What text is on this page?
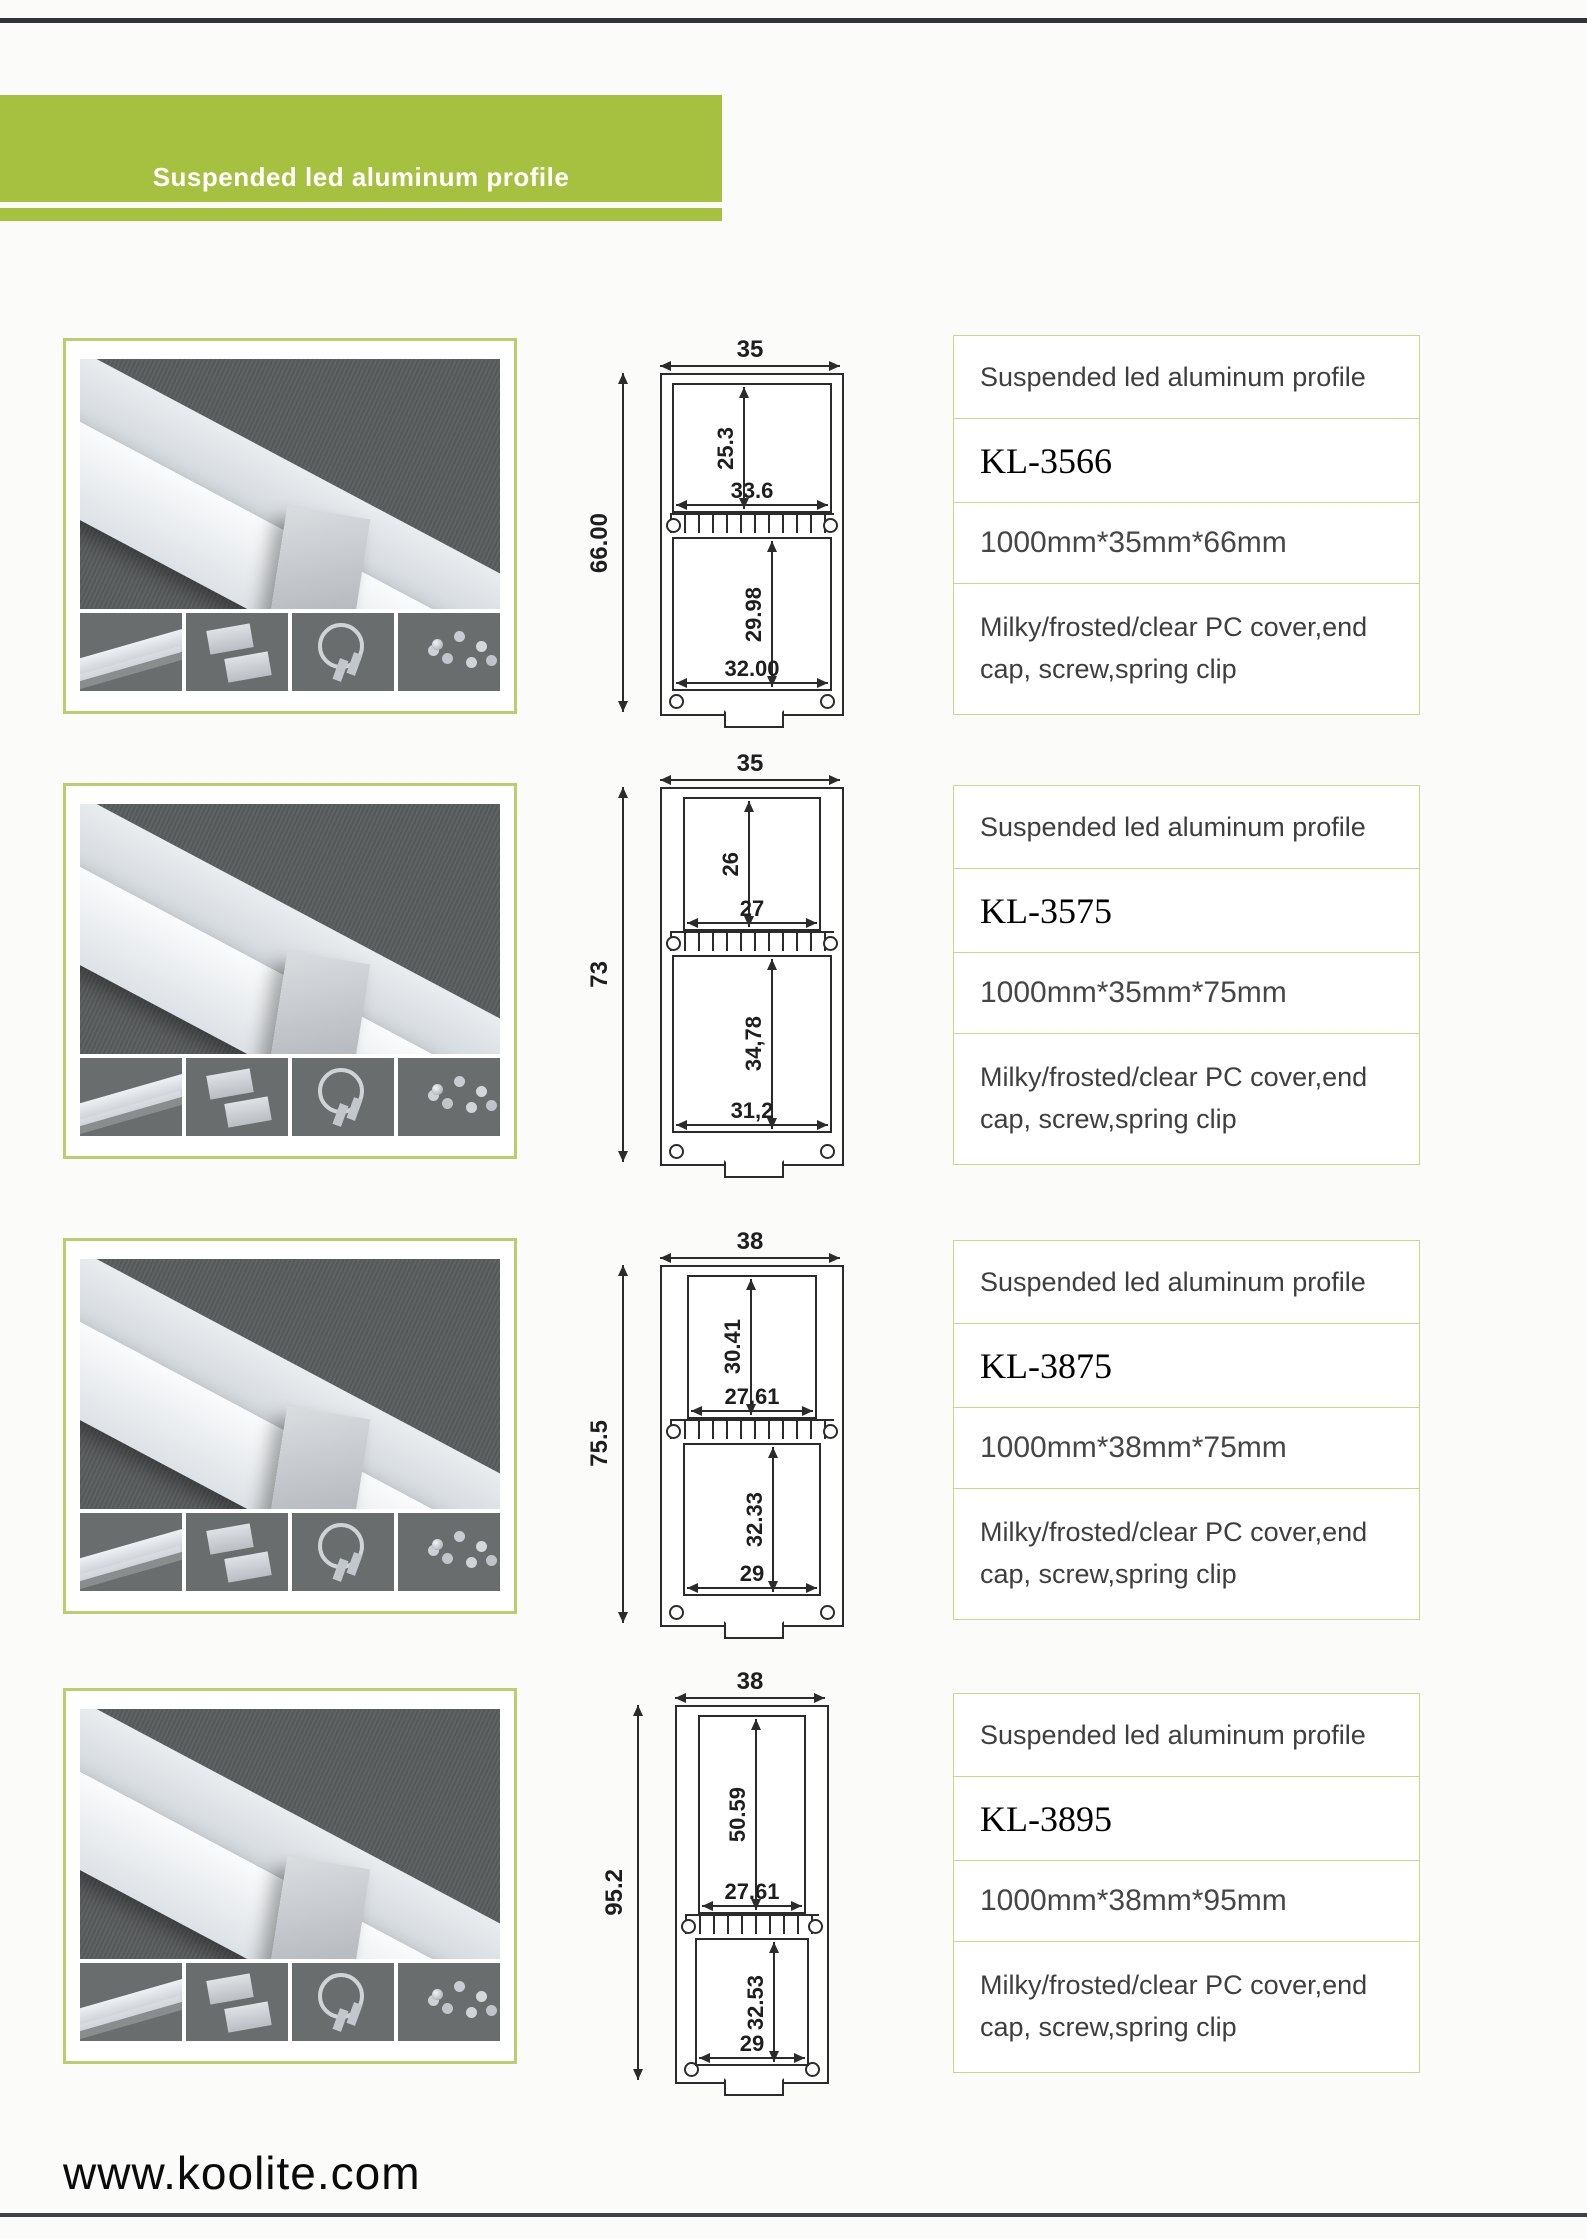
Suspended led aluminum profile
35
66.00
25.3
33.6
29.98
32.00
Suspended led aluminum profile
KL-3566
1000mm*35mm*66mm
Milky/frosted/clear PC cover,end cap, screw,spring clip
35
73
26
27
34,78
31,2
Suspended led aluminum profile
KL-3575
1000mm*35mm*75mm
Milky/frosted/clear PC cover,end cap, screw,spring clip
38
75.5
30.41
27.61
32.33
29
Suspended led aluminum profile
KL-3875
1000mm*38mm*75mm
Milky/frosted/clear PC cover,end cap, screw,spring clip
38
95.2
50.59
27.61
32.53
29
Suspended led aluminum profile
KL-3895
1000mm*38mm*95mm
Milky/frosted/clear PC cover,end cap, screw,spring clip
www.koolite.com
